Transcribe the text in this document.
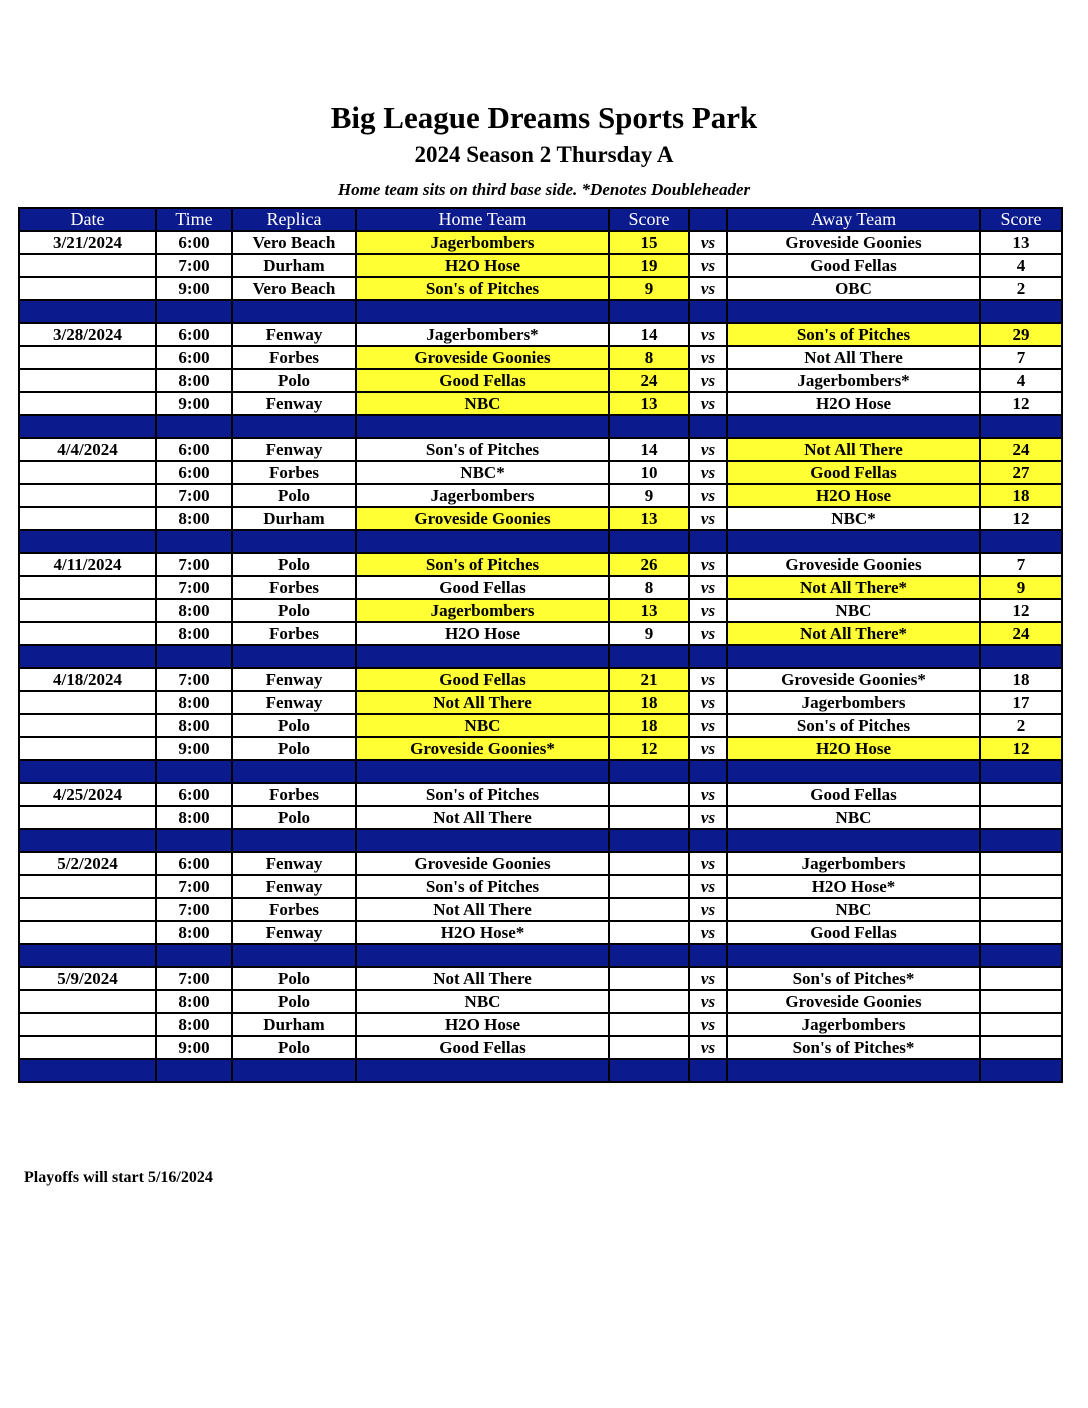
Big League Dreams Sports Park
2024 Season 2 Thursday A
Home team sits on third base side. *Denotes Doubleheader
Date	Time	Replica	Home Team	Score		Away Team	Score
3/21/2024	6:00	Vero Beach	Jagerbombers	15	vs	Groveside Goonies	13
	7:00	Durham	H2O Hose	19	vs	Good Fellas	4
	9:00	Vero Beach	Son's of Pitches	9	vs	OBC	2

3/28/2024	6:00	Fenway	Jagerbombers*	14	vs	Son's of Pitches	29
	6:00	Forbes	Groveside Goonies	8	vs	Not All There	7
	8:00	Polo	Good Fellas	24	vs	Jagerbombers*	4
	9:00	Fenway	NBC	13	vs	H2O Hose	12

4/4/2024	6:00	Fenway	Son's of Pitches	14	vs	Not All There	24
	6:00	Forbes	NBC*	10	vs	Good Fellas	27
	7:00	Polo	Jagerbombers	9	vs	H2O Hose	18
	8:00	Durham	Groveside Goonies	13	vs	NBC*	12

4/11/2024	7:00	Polo	Son's of Pitches	26	vs	Groveside Goonies	7
	7:00	Forbes	Good Fellas	8	vs	Not All There*	9
	8:00	Polo	Jagerbombers	13	vs	NBC	12
	8:00	Forbes	H2O Hose	9	vs	Not All There*	24

4/18/2024	7:00	Fenway	Good Fellas	21	vs	Groveside Goonies*	18
	8:00	Fenway	Not All There	18	vs	Jagerbombers	17
	8:00	Polo	NBC	18	vs	Son's of Pitches	2
	9:00	Polo	Groveside Goonies*	12	vs	H2O Hose	12

4/25/2024	6:00	Forbes	Son's of Pitches		vs	Good Fellas	
	8:00	Polo	Not All There		vs	NBC	

5/2/2024	6:00	Fenway	Groveside Goonies		vs	Jagerbombers	
	7:00	Fenway	Son's of Pitches		vs	H2O Hose*	
	7:00	Forbes	Not All There		vs	NBC	
	8:00	Fenway	H2O Hose*		vs	Good Fellas	

5/9/2024	7:00	Polo	Not All There		vs	Son's of Pitches*	
	8:00	Polo	NBC		vs	Groveside Goonies	
	8:00	Durham	H2O Hose		vs	Jagerbombers	
	9:00	Polo	Good Fellas		vs	Son's of Pitches*	

Playoffs will start 5/16/2024
